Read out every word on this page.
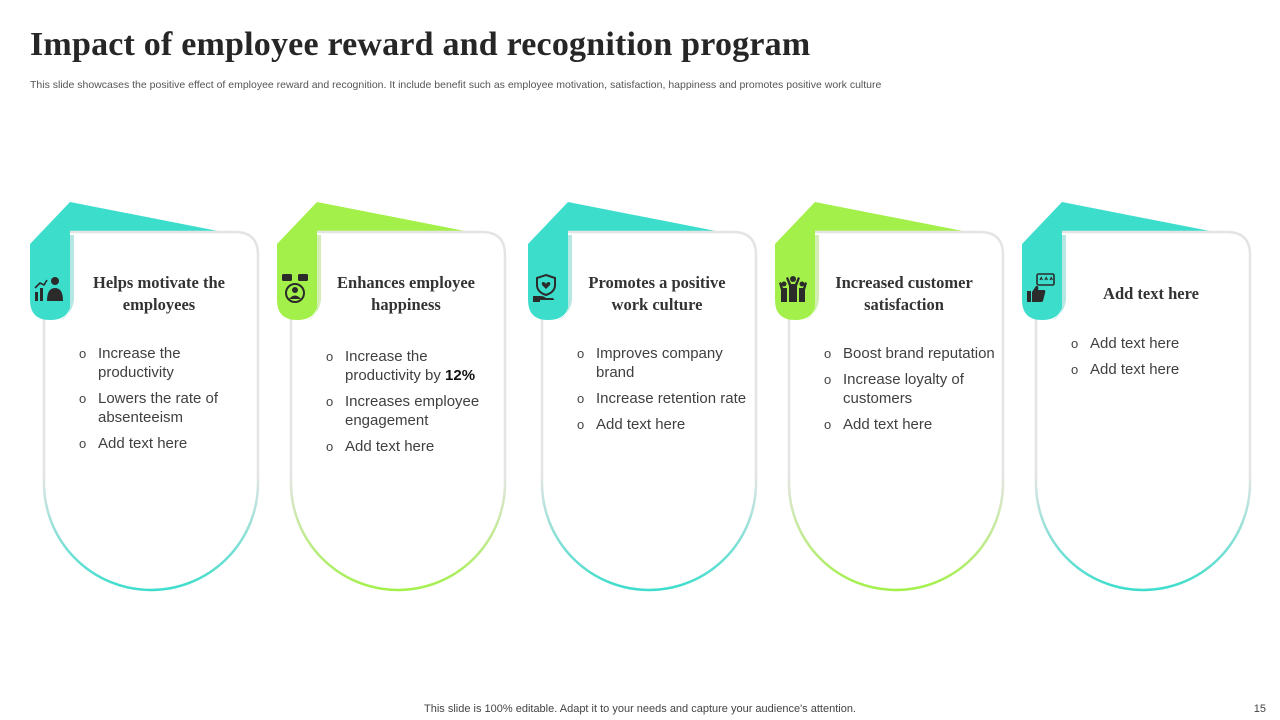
Impact of employee reward and recognition program
This slide showcases the positive effect of employee reward and recognition. It include benefit such as employee motivation, satisfaction, happiness and promotes positive work culture
Helps motivate the employees
o Increase the productivity
o Lowers the rate of absenteeism
o Add text here
Enhances employee happiness
o Increase the productivity by 12%
o Increases employee engagement
o Add text here
Promotes a positive work culture
o Improves company brand
o Increase retention rate
o Add text here
Increased customer satisfaction
o Boost brand reputation
o Increase loyalty of customers
o Add text here
Add text here
o Add text here
o Add text here
This slide is 100% editable. Adapt it to your needs and capture your audience's attention.	15
